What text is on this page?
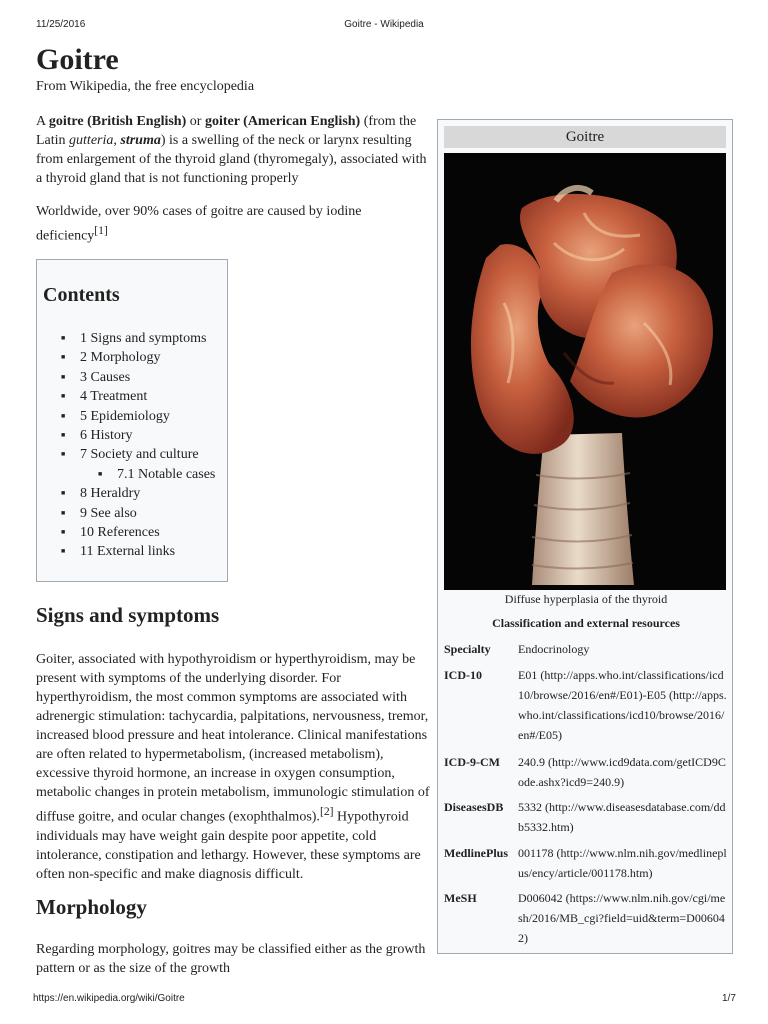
11/25/2016	Goitre - Wikipedia
Goitre
From Wikipedia, the free encyclopedia

A goitre (British English) or goiter (American English) (from the Latin gutteria, struma) is a swelling of the neck or larynx resulting from enlargement of the thyroid gland (thyromegaly), associated with a thyroid gland that is not functioning properly

Worldwide, over 90% cases of goitre are caused by iodine deficiency[1]

Contents
■ 1 Signs and symptoms
■ 2 Morphology
■ 3 Causes
■ 4 Treatment
■ 5 Epidemiology
■ 6 History
■ 7 Society and culture
■ 7.1 Notable cases
■ 8 Heraldry
■ 9 See also
■ 10 References
■ 11 External links
Signs and symptoms

Goiter, associated with hypothyroidism or hyperthyroidism, may be present with symptoms of the underlying disorder. For hyperthyroidism, the most common symptoms are associated with adrenergic stimulation: tachycardia, palpitations, nervousness, tremor, increased blood pressure and heat intolerance. Clinical manifestations are often related to hypermetabolism, (increased metabolism), excessive thyroid hormone, an increase in oxygen consumption, metabolic changes in protein metabolism, immunologic stimulation of diffuse goitre, and ocular changes (exophthalmos).[2] Hypothyroid individuals may have weight gain despite poor appetite, cold intolerance, constipation and lethargy. However, these symptoms are often non-specific and make diagnosis difficult.

Morphology

Regarding morphology, goitres may be classified either as the growth pattern or as the size of the growth

Goitre
Diffuse hyperplasia of the thyroid
Classification and external resources
Specialty	Endocrinology
ICD-10	E01 (http://apps.who.int/classifications/icd10/browse/2016/en#/E01)-E05 (http://apps.who.int/classifications/icd10/browse/2016/en#/E05)
ICD-9-CM	240.9 (http://www.icd9data.com/getICD9Code.ashx?icd9=240.9)
DiseasesDB	5332 (http://www.diseasesdatabase.com/ddb5332.htm)
MedlinePlus 001178 (http://www.nlm.nih.gov/medlineplus/ency/article/001178.htm)
MeSH	D006042 (https://www.nlm.nih.gov/cgi/mesh/2016/MB_cgi?field=uid&term=D006042)
https://en.wikipedia.org/wiki/Goitre	1/7
